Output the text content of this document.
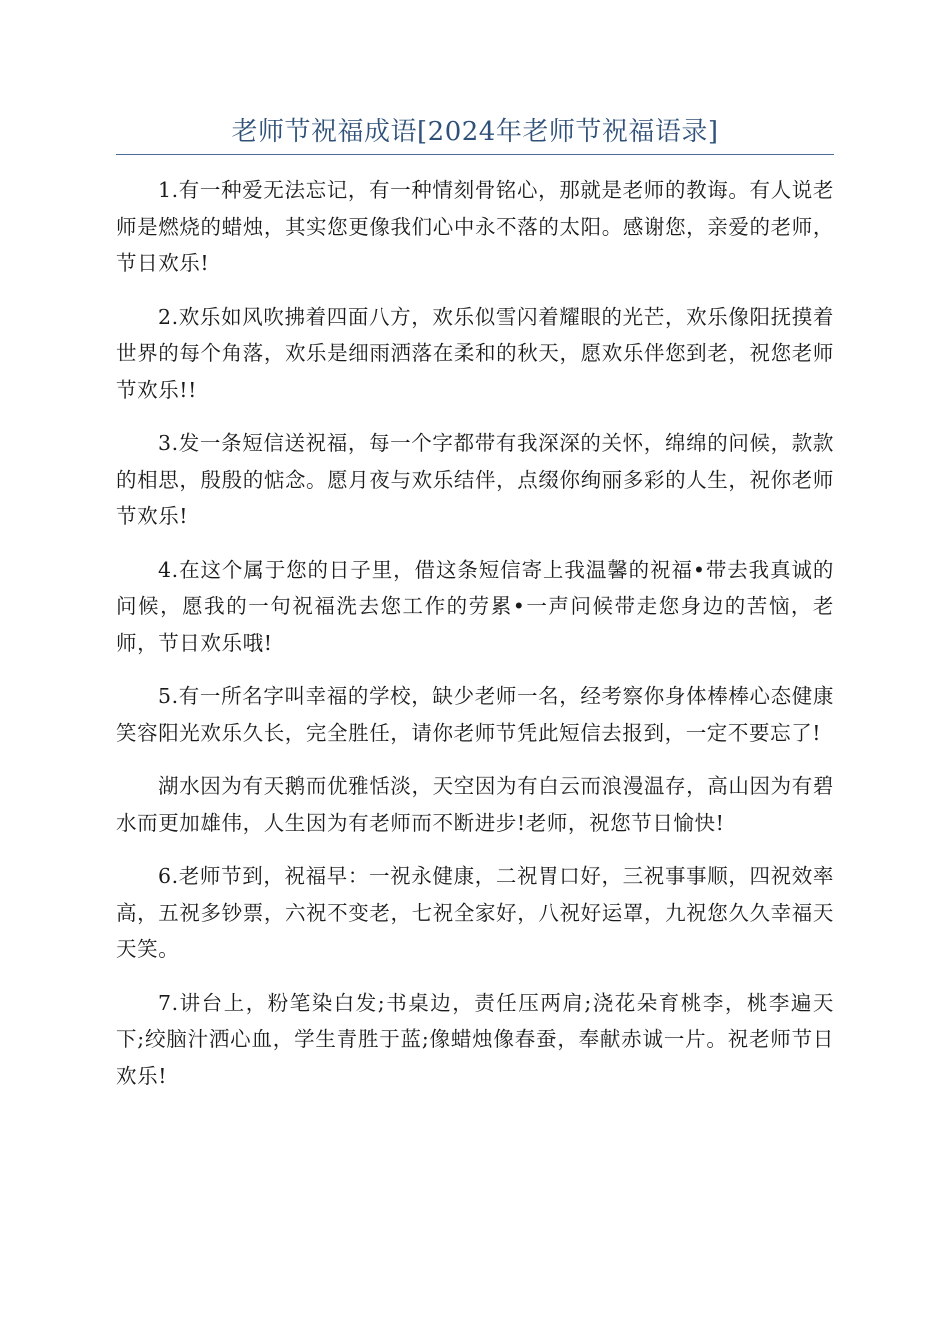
老师节祝福成语[2024年老师节祝福语录]

1.有一种爱无法忘记，有一种情刻骨铭心，那就是老师的教诲。有人说老师是燃烧的蜡烛，其实您更像我们心中永不落的太阳。感谢您，亲爱的老师，节日欢乐!

2.欢乐如风吹拂着四面八方，欢乐似雪闪着耀眼的光芒，欢乐像阳抚摸着世界的每个角落，欢乐是细雨洒落在柔和的秋天，愿欢乐伴您到老，祝您老师节欢乐!!

3.发一条短信送祝福，每一个字都带有我深深的关怀，绵绵的问候，款款的相思，殷殷的惦念。愿月夜与欢乐结伴，点缀你绚丽多彩的人生，祝你老师节欢乐!

4.在这个属于您的日子里，借这条短信寄上我温馨的祝福•带去我真诚的问候，愿我的一句祝福洗去您工作的劳累•一声问候带走您身边的苦恼，老师，节日欢乐哦!

5.有一所名字叫幸福的学校，缺少老师一名，经考察你身体棒棒心态健康笑容阳光欢乐久长，完全胜任，请你老师节凭此短信去报到，一定不要忘了!

湖水因为有天鹅而优雅恬淡，天空因为有白云而浪漫温存，高山因为有碧水而更加雄伟，人生因为有老师而不断进步!老师，祝您节日愉快!

6.老师节到，祝福早：一祝永健康，二祝胃口好，三祝事事顺，四祝效率高，五祝多钞票，六祝不变老，七祝全家好，八祝好运罩，九祝您久久幸福天天笑。

7.讲台上，粉笔染白发;书桌边，责任压两肩;浇花朵育桃李，桃李遍天下;绞脑汁洒心血，学生青胜于蓝;像蜡烛像春蚕，奉献赤诚一片。祝老师节日欢乐!
